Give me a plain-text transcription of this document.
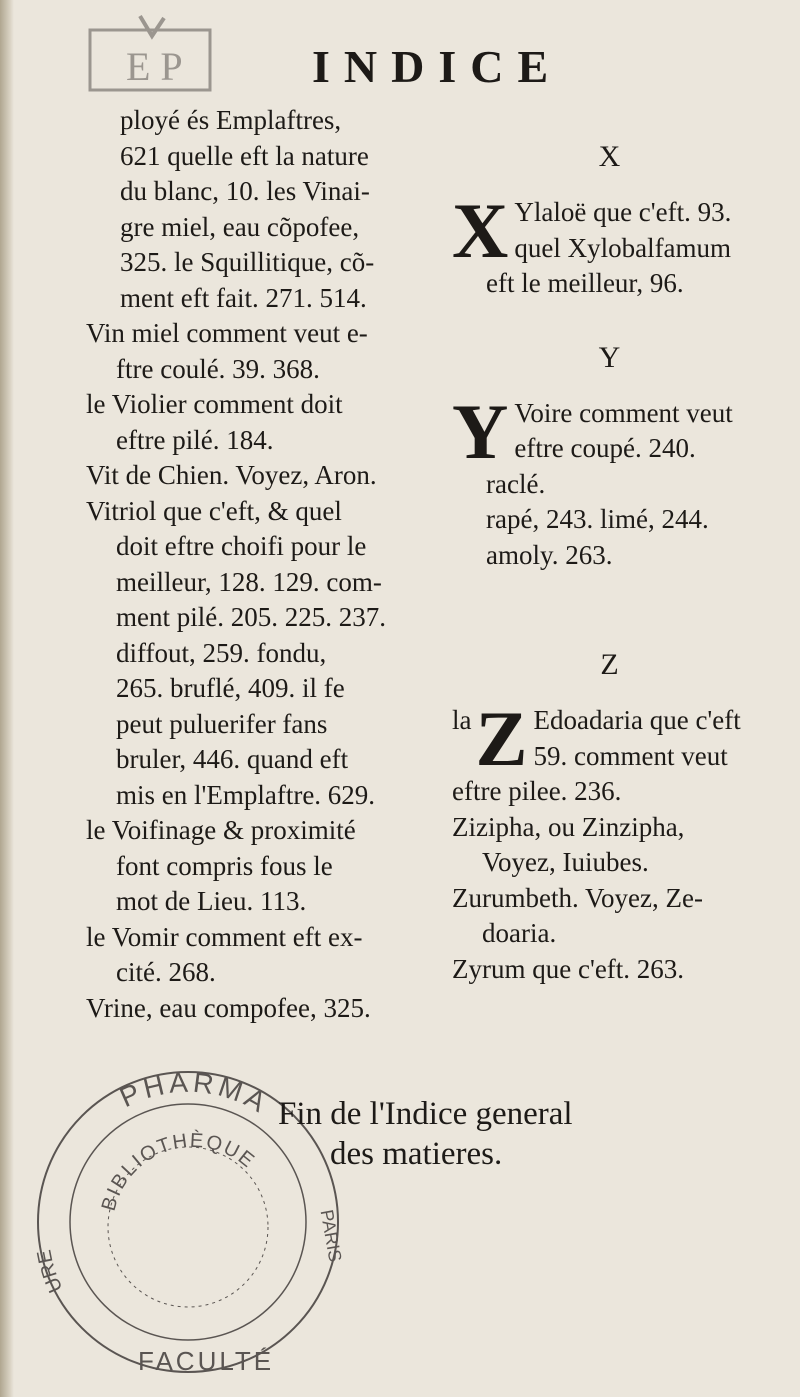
E P	INDICE
ployé és Emplaftres,
621 quelle eft la nature
du blanc, 10. les Vinai-
gre miel, eau cõpofee,
325. le Squillitique, cõ-
ment eft fait. 271. 514.
Vin miel comment veut e-
ftre coulé. 39. 368.
le Violier comment doit
eftre pilé. 184.
Vit de Chien. Voyez, Aron.
Vitriol que c'eft, & quel
doit eftre choifi pour le
meilleur, 128. 129. com-
ment pilé. 205. 225. 237.
diffout, 259. fondu,
265. bruflé, 409. il fe
peut puluerifer fans
bruler, 446. quand eft
mis en l'Emplaftre. 629.
le Voifinage & proximité
font compris fous le
mot de Lieu. 113.
le Vomir comment eft ex-
cité. 268.
Vrine, eau compofee, 325.
X
X Ylaloë que c'eft. 93.
quel Xylobalfamum
eft le meilleur, 96.
Y
Y Voire comment veut
eftre coupé. 240.
raclé.
rapé, 243. limé, 244.
amoly. 263.
Z
la Z Edoadaria que c'eft
59. comment veut
eftre pilee. 236.
Zizipha, ou Zinzipha,
Voyez, Iuiubes.
Zurumbeth. Voyez, Ze-
doaria.
Zyrum que c'eft. 263.
PHARMA
URE
BIBLIOTHÈQUE
PARIS
FACULTÉ
Fin de l'Indice general
des matieres.
